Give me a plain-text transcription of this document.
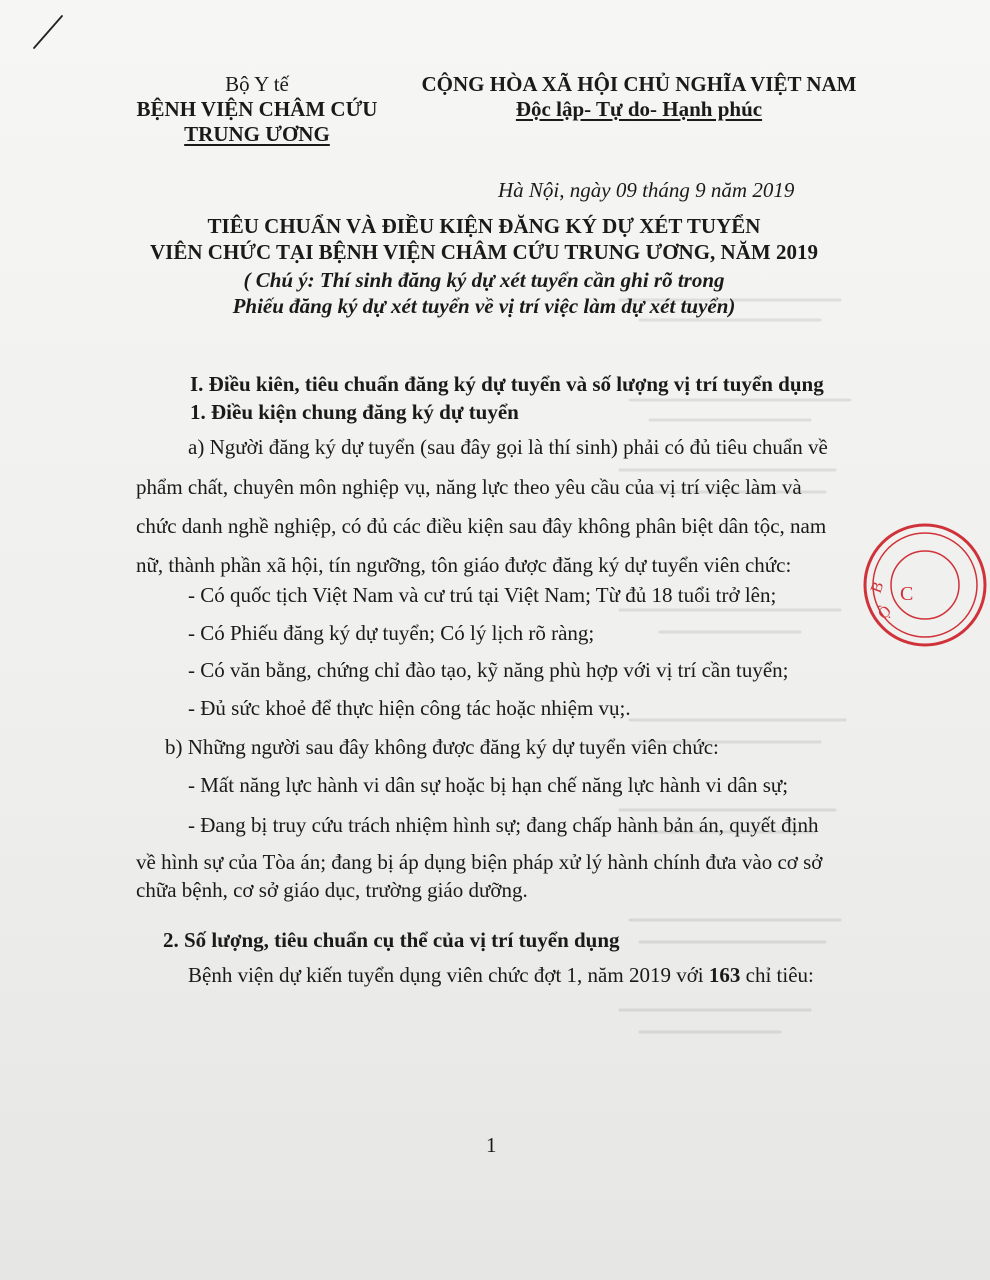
Bộ Y tế
BỆNH VIỆN CHÂM CỨU
TRUNG ƯƠNG
CỘNG HÒA XÃ HỘI CHỦ NGHĨA VIỆT NAM
Độc lập- Tự do- Hạnh phúc
Hà Nội, ngày 09 tháng 9 năm 2019
TIÊU CHUẨN VÀ ĐIỀU KIỆN ĐĂNG KÝ DỰ XÉT TUYỂN
VIÊN CHỨC TẠI BỆNH VIỆN CHÂM CỨU TRUNG ƯƠNG, NĂM 2019
( Chú ý: Thí sinh đăng ký dự xét tuyển cần ghi rõ trong
Phiếu đăng ký dự xét tuyển về vị trí việc làm dự xét tuyển)
I. Điều kiên, tiêu chuẩn đăng ký dự tuyển và số lượng vị trí tuyển dụng
1. Điều kiện chung đăng ký dự tuyển
a) Người đăng ký dự tuyển (sau đây gọi là thí sinh) phải có đủ tiêu chuẩn về
phẩm chất, chuyên môn nghiệp vụ, năng lực theo yêu cầu của vị trí việc làm và
chức danh nghề nghiệp, có đủ các điều kiện sau đây không phân biệt dân tộc, nam
nữ, thành phần xã hội, tín ngưỡng, tôn giáo được đăng ký dự tuyển viên chức:
- Có quốc tịch Việt Nam và cư trú tại Việt Nam; Từ đủ 18 tuổi trở lên;
- Có Phiếu đăng ký dự tuyển; Có lý lịch rõ ràng;
- Có văn bằng, chứng chỉ đào tạo, kỹ năng phù hợp với vị trí cần tuyển;
- Đủ sức khoẻ để thực hiện công tác hoặc nhiệm vụ;.
b) Những người sau đây không được đăng ký dự tuyển viên chức:
- Mất năng lực hành vi dân sự hoặc bị hạn chế năng lực hành vi dân sự;
- Đang bị truy cứu trách nhiệm hình sự; đang chấp hành bản án, quyết định
về hình sự của Tòa án; đang bị áp dụng biện pháp xử lý hành chính đưa vào cơ sở
chữa bệnh, cơ sở giáo dục, trường giáo dưỡng.
2. Số lượng, tiêu chuẩn cụ thể của vị trí tuyển dụng
Bệnh viện dự kiến tuyển dụng viên chức đợt 1, năm 2019 với 163 chỉ tiêu:
1
B
Ộ
C
